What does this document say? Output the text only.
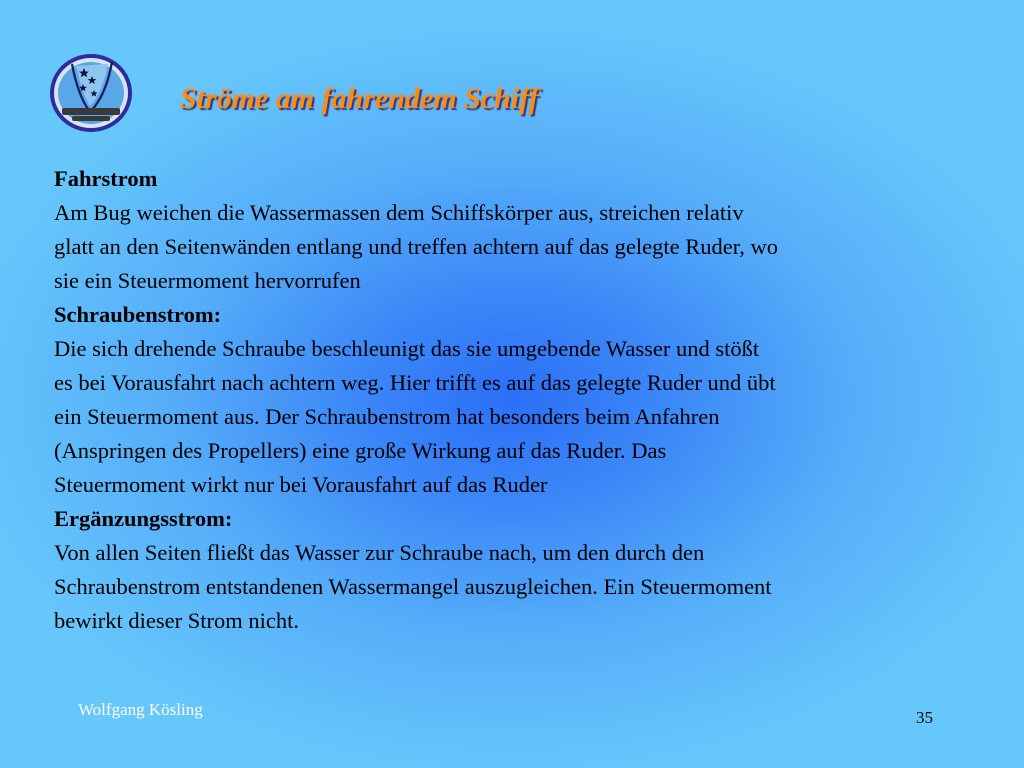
Ströme am fahrendem Schiff
Fahrstrom

Am Bug weichen die Wassermassen dem Schiffskörper aus, streichen relativ

glatt an den Seitenwänden entlang und treffen achtern auf das gelegte Ruder, wo

sie ein Steuermoment hervorrufen

Schraubenstrom:

Die sich drehende Schraube beschleunigt das sie umgebende Wasser und stößt

es bei Vorausfahrt nach achtern weg. Hier trifft es auf das gelegte Ruder und übt

ein Steuermoment aus. Der Schraubenstrom hat besonders beim Anfahren

(Anspringen des Propellers) eine große Wirkung auf das Ruder. Das

Steuermoment wirkt nur bei Vorausfahrt auf das Ruder

Ergänzungsstrom:

Von allen Seiten fließt das Wasser zur Schraube nach, um den durch den

Schraubenstrom entstandenen Wassermangel auszugleichen. Ein Steuermoment

bewirkt dieser Strom nicht.

Wolfgang Kösling	35
